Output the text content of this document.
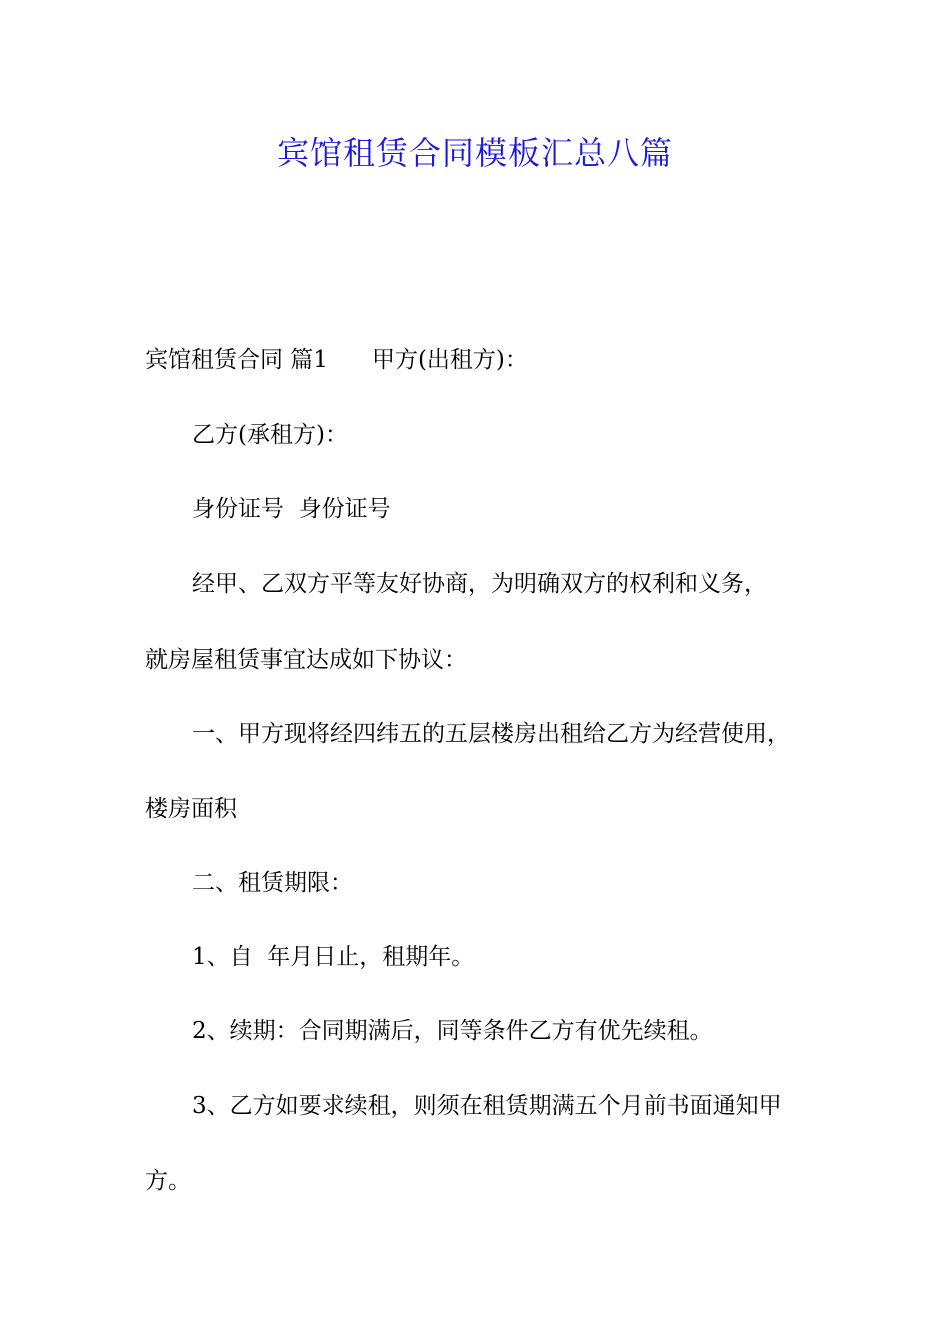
宾馆租赁合同模板汇总八篇
宾馆租赁合同 篇1 甲方(出租方)：
乙方(承租方)：
身份证号  身份证号
经甲、乙双方平等友好协商，为明确双方的权利和义务，
就房屋租赁事宜达成如下协议：
一、甲方现将经四纬五的五层楼房出租给乙方为经营使用，
楼房面积
二、租赁期限：
1、自  年月日止，租期年。
2、续期：合同期满后，同等条件乙方有优先续租。
3、乙方如要求续租，则须在租赁期满五个月前书面通知甲
方。
